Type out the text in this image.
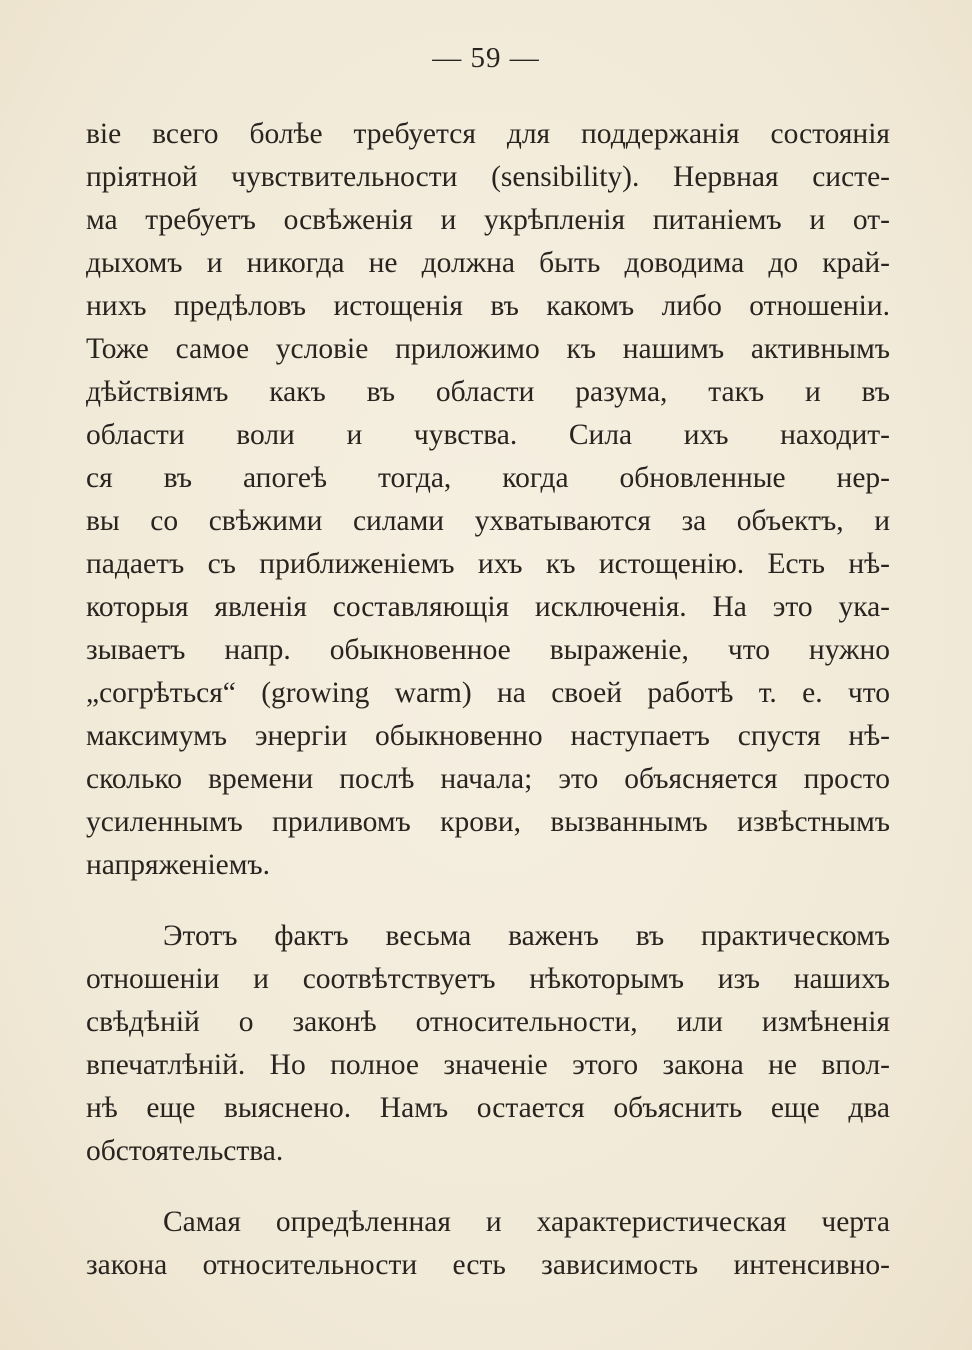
— 59 —
віе всего болѣе требуется для поддержанія состоянія
пріятной чувствительности (sensibility). Нервная систе-
ма требуетъ освѣженія и укрѣпленія питаніемъ и от-
дыхомъ и никогда не должна быть доводима до край-
нихъ предѣловъ истощенія въ какомъ либо отношеніи.
Тоже самое условіе приложимо къ нашимъ активнымъ
дѣйствіямъ какъ въ области разума, такъ и въ
области воли и чувства. Сила ихъ находит-
ся въ апогеѣ тогда, когда обновленные нер-
вы со свѣжими силами ухватываются за объектъ, и
падаетъ съ приближеніемъ ихъ къ истощенію. Есть нѣ-
которыя явленія составляющія исключенія. На это ука-
зываетъ напр. обыкновенное выраженіе, что нужно
„согрѣться“ (growing warm) на своей работѣ т. е. что
максимумъ энергіи обыкновенно наступаетъ спустя нѣ-
сколько времени послѣ начала; это объясняется просто
усиленнымъ приливомъ крови, вызваннымъ извѣстнымъ
напряженіемъ.
Этотъ фактъ весьма важенъ въ практическомъ
отношеніи и соотвѣтствуетъ нѣкоторымъ изъ нашихъ
свѣдѣній о законѣ относительности, или измѣненія
впечатлѣній. Но полное значеніе этого закона не впол-
нѣ еще выяснено. Намъ остается объяснить еще два
обстоятельства.
Самая опредѣленная и характеристическая черта
закона относительности есть зависимость интенсивно-
